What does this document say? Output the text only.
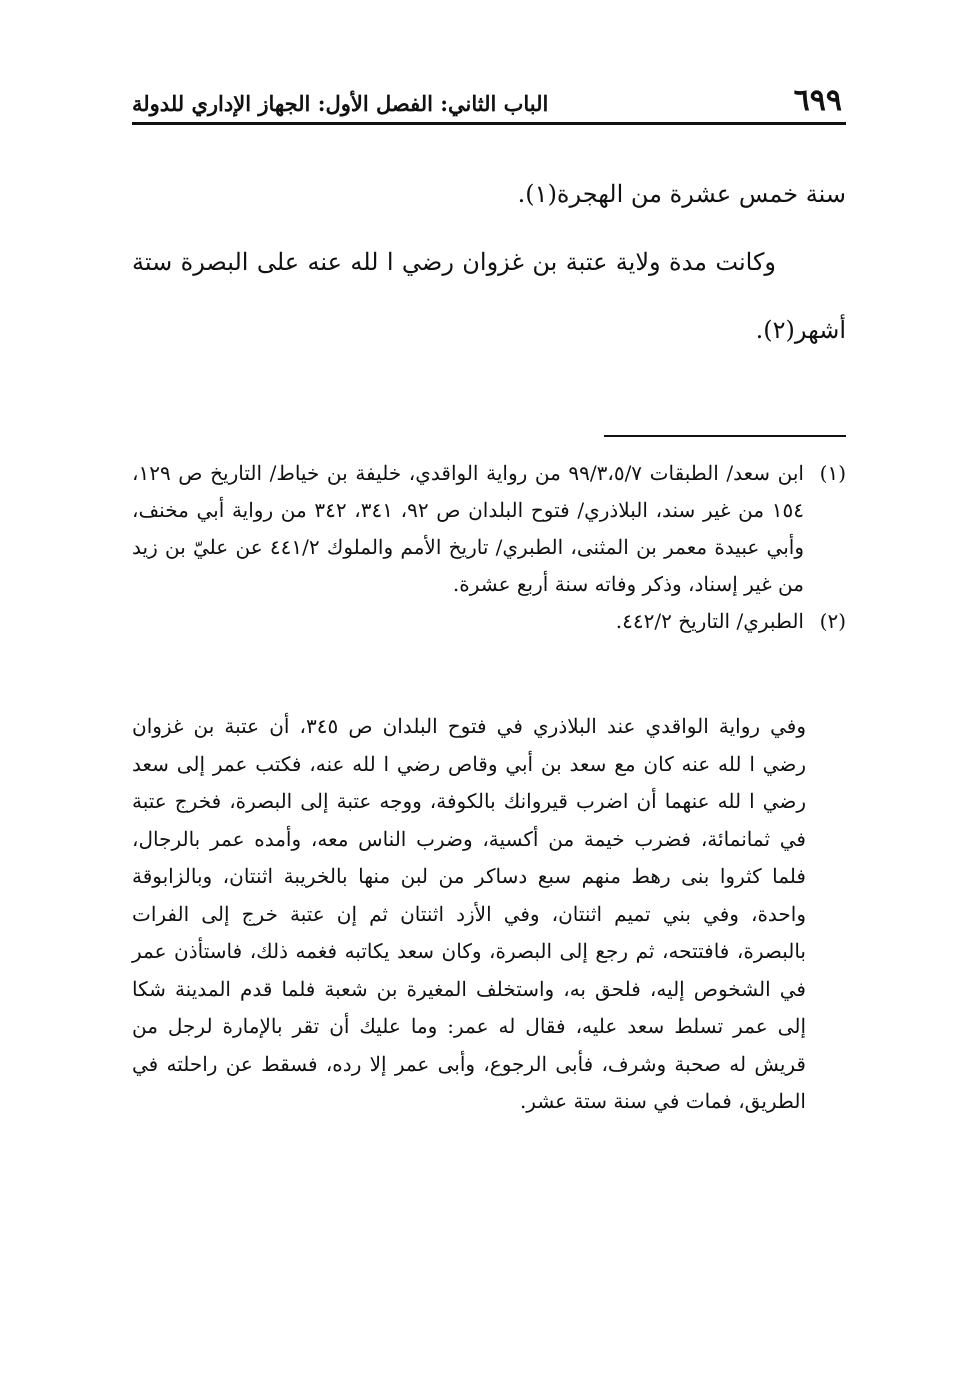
٦٩٩
الباب الثاني: الفصل الأول: الجهاز الإداري للدولة

سنة خمس عشرة من الهجرة(١).

وكانت مدة ولاية عتبة بن غزوان رضي ا لله عنه على البصرة ستة أشهر(٢).

(١)
ابن سعد/ الطبقات ٩٩/٣،٥/٧ من رواية الواقدي، خليفة بن خياط/ التاريخ ص ١٢٩، ١٥٤ من غير سند، البلاذري/ فتوح البلدان ص ٩٢، ٣٤١، ٣٤٢ من رواية أبي مخنف، وأبي عبيدة معمر بن المثنى، الطبري/ تاريخ الأمم والملوك ٤٤١/٢ عن عليّ بن زيد من غير إسناد، وذكر وفاته سنة أربع عشرة.
(٢)
الطبري/ التاريخ ٤٤٢/٢.
وفي رواية الواقدي عند البلاذري في فتوح البلدان ص ٣٤٥، أن عتبة بن غزوان رضي ا لله عنه كان مع سعد بن أبي وقاص رضي ا لله عنه، فكتب عمر إلى سعد رضي ا لله عنهما أن اضرب قيروانك بالكوفة، ووجه عتبة إلى البصرة، فخرج عتبة في ثمانمائة، فضرب خيمة من أكسية، وضرب الناس معه، وأمده عمر بالرجال، فلما كثروا بنى رهط منهم سبع دساكر من لبن منها بالخريبة اثنتان، وبالزابوقة واحدة، وفي بني تميم اثنتان، وفي الأزد اثنتان ثم إن عتبة خرج إلى الفرات بالبصرة، فافتتحه، ثم رجع إلى البصرة، وكان سعد يكاتبه فغمه ذلك، فاستأذن عمر في الشخوص إليه، فلحق به، واستخلف المغيرة بن شعبة فلما قدم المدينة شكا إلى عمر تسلط سعد عليه، فقال له عمر: وما عليك أن تقر بالإمارة لرجل من قريش له صحبة وشرف، فأبى الرجوع، وأبى عمر إلا رده، فسقط عن راحلته في الطريق، فمات في سنة ستة عشر.
